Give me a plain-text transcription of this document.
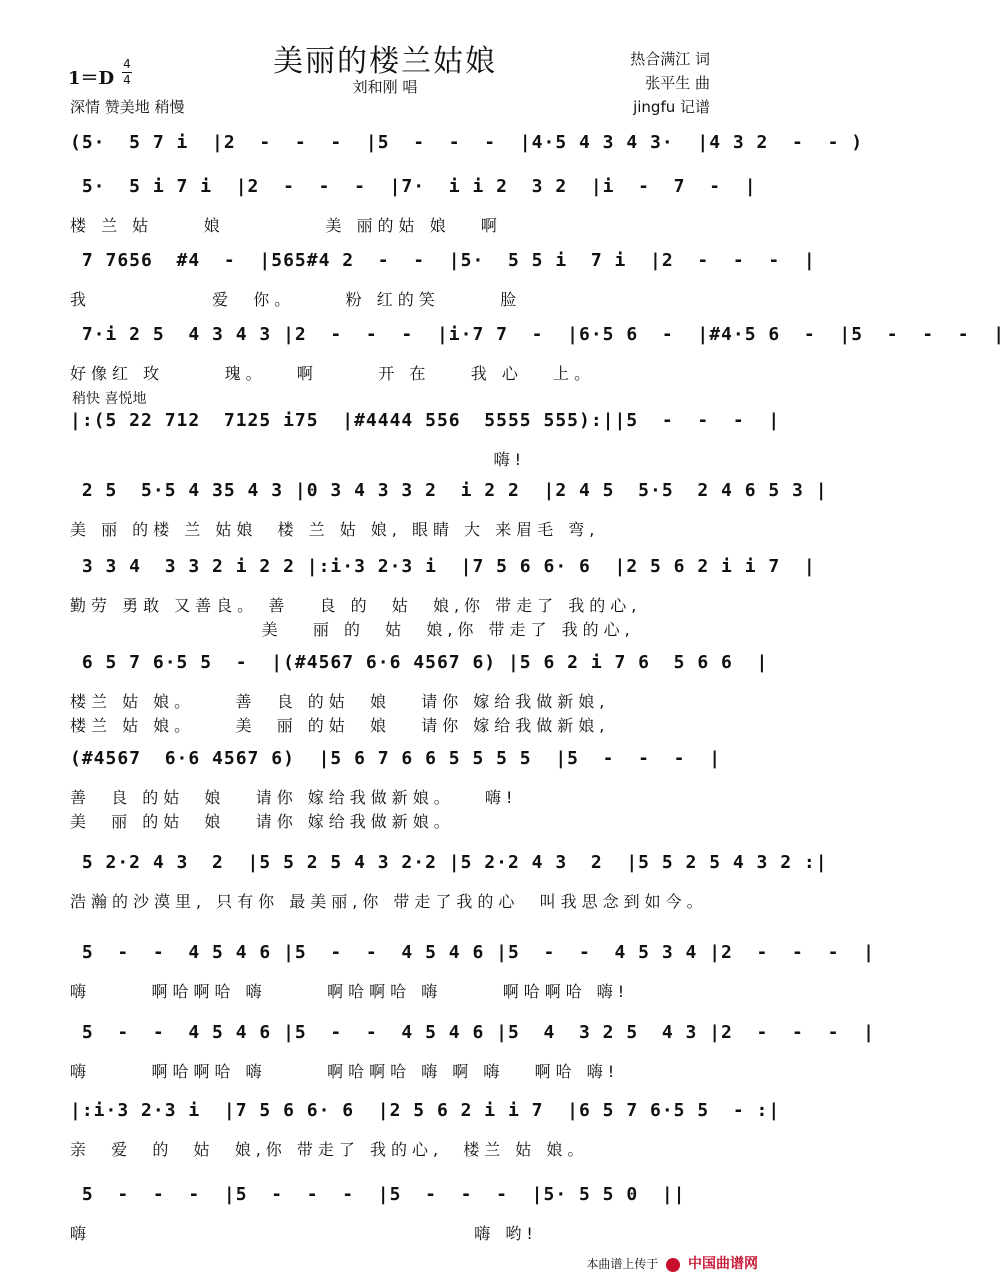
美丽的楼兰姑娘
刘和刚 唱
1＝D
4
4
深情 赞美地 稍慢
热合满江 词
张平生 曲
jingfu 记谱
稍快 喜悦地
(5·  5 7 i  |2  -  -  -  |5  -  -  -  |4·5 4 3 4 3·  |4 3 2  -  - )
5·  5 i 7 i  |2  -  -  -  |7·  i i 2  3 2  |i  -  7  -  |
楼 兰 姑     娘          美 丽的姑 娘   啊
7 7656  #4  -  |565#4 2  -  -  |5·  5 5 i  7 i  |2  -  -  -  |
我            爱  你。     粉 红的笑      脸
7·i 2 5  4 3 4 3 |2  -  -  -  |i·7 7  -  |6·5 6  -  |#4·5 6  -  |5  -  -  -  |
好像红 玫      瑰。   啊      开 在    我 心   上。
|:(5 22 712  7125 i75  |#4444 556  5555 555):||5  -  -  -  |
嗨!
2 5  5·5 4 35 4 3 |0 3 4 3 3 2  i 2 2  |2 4 5  5·5  2 4 6 5 3 |
美 丽 的楼 兰 姑娘  楼 兰 姑 娘, 眼睛 大 来眉毛 弯,
3 3 4  3 3 2 i 2 2 |:i·3 2·3 i  |7 5 6 6· 6  |2 5 6 2 i i 7  |
勤劳 勇敢 又善良。 善   良 的  姑  娘,你 带走了 我的心,
美   丽 的  姑  娘,你 带走了 我的心,
6 5 7 6·5 5  -  |(#4567 6·6 4567 6) |5 6 2 i 7 6  5 6 6  |
楼兰 姑 娘。    善  良 的姑  娘   请你 嫁给我做新娘,
楼兰 姑 娘。    美  丽 的姑  娘   请你 嫁给我做新娘,
(#4567  6·6 4567 6)  |5 6 7 6 6 5 5 5 5  |5  -  -  -  |
善  良 的姑  娘   请你 嫁给我做新娘。   嗨!
美  丽 的姑  娘   请你 嫁给我做新娘。
5 2·2 4 3  2  |5 5 2 5 4 3 2·2 |5 2·2 4 3  2  |5 5 2 5 4 3 2 :|
浩瀚的沙漠里, 只有你 最美丽,你 带走了我的心  叫我思念到如今。
5  -  -  4 5 4 6 |5  -  -  4 5 4 6 |5  -  -  4 5 3 4 |2  -  -  -  |
嗨      啊哈啊哈 嗨      啊哈啊哈 嗨      啊哈啊哈 嗨!
5  -  -  4 5 4 6 |5  -  -  4 5 4 6 |5  4  3 2 5  4 3 |2  -  -  -  |
嗨      啊哈啊哈 嗨      啊哈啊哈 嗨 啊 嗨   啊哈 嗨!
|:i·3 2·3 i  |7 5 6 6· 6  |2 5 6 2 i i 7  |6 5 7 6·5 5  - :|
亲  爱  的  姑  娘,你 带走了 我的心,  楼兰 姑 娘。
5  -  -  -  |5  -  -  -  |5  -  -  -  |5· 5 5 0  ||
嗨                                      嗨 哟!
本曲谱上传于 中国曲谱网
